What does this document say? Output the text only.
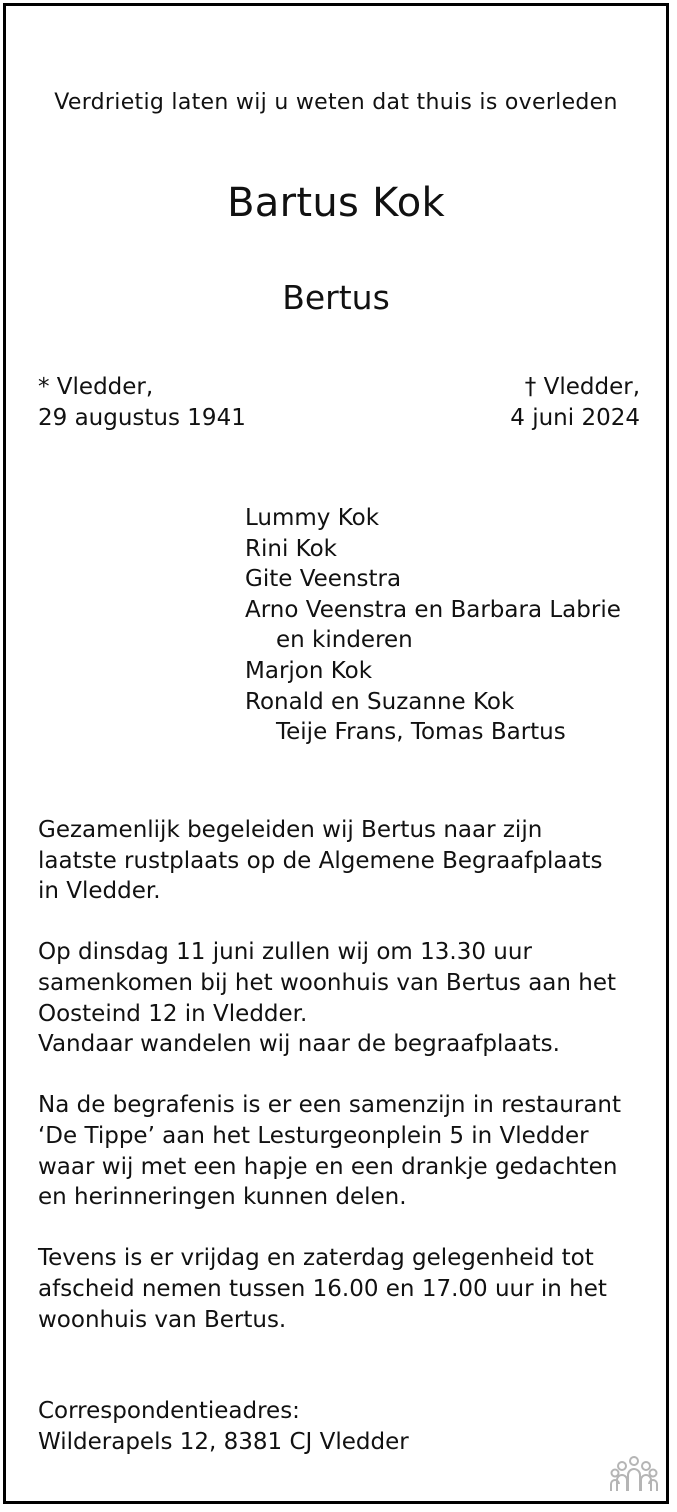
Verdrietig laten wij u weten dat thuis is overleden
Bartus Kok
Bertus
* Vledder,
29 augustus 1941
† Vledder,
4 juni 2024
Lummy Kok
Rini Kok
Gite Veenstra
Arno Veenstra en Barbara Labrie
en kinderen
Marjon Kok
Ronald en Suzanne Kok
Teije Frans, Tomas Bartus

Gezamenlijk begeleiden wij Bertus naar zijn
laatste rustplaats op de Algemene Begraafplaats
in Vledder.

Op dinsdag 11 juni zullen wij om 13.30 uur
samenkomen bij het woonhuis van Bertus aan het
Oosteind 12 in Vledder.
Vandaar wandelen wij naar de begraafplaats.

Na de begrafenis is er een samenzijn in restaurant
‘De Tippe’ aan het Lesturgeonplein 5 in Vledder
waar wij met een hapje en een drankje gedachten
en herinneringen kunnen delen.

Tevens is er vrijdag en zaterdag gelegenheid tot
afscheid nemen tussen 16.00 en 17.00 uur in het
woonhuis van Bertus.

Correspondentieadres:
Wilderapels 12, 8381 CJ Vledder
